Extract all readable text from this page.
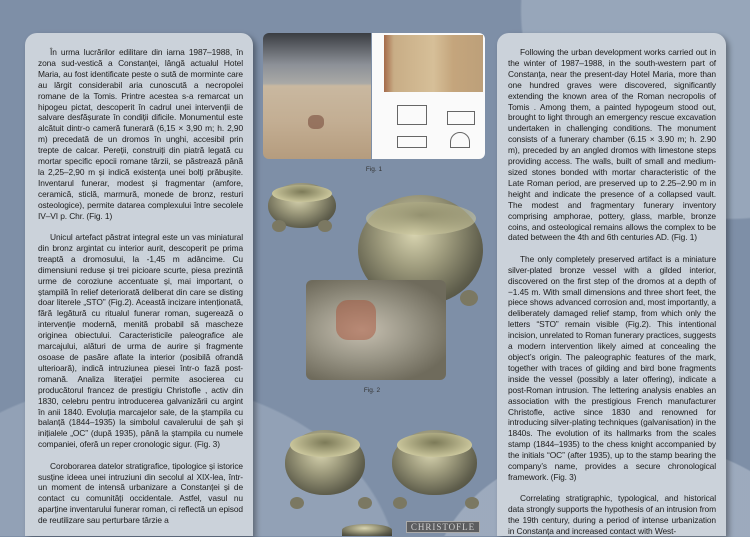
În urma lucrărilor edilitare din iarna 1987–1988, în zona sud-vestică a Constanței, lângă actualul Hotel Maria, au fost identificate peste o sută de morminte care au lărgit considerabil aria cunoscută a necropolei romane de la Tomis. Printre acestea s-a remarcat un hipogeu pictat, descoperit în cadrul unei intervenții de salvare desfășurate în condiții dificile. Monumentul este alcătuit dintr-o cameră funerară (6,15 × 3,90 m; h. 2,90 m) precedată de un dromos în unghi, accesibil prin trepte de calcar. Pereții, construiți din piatră legată cu mortar specific epocii romane târzii, se păstrează până la 2,25–2,90 m și indică existența unei bolți prăbușite. Inventarul funerar, modest și fragmentar (amfore, ceramică, sticlă, marmură, monede de bronz, resturi osteologice), permite datarea complexului între secolele IV–VI p. Chr. (Fig. 1)

Unicul artefact păstrat integral este un vas miniatural din bronz argintat cu interior aurit, descoperit pe prima treaptă a dromosului, la -1,45 m adâncime. Cu dimensiuni reduse și trei picioare scurte, piesa prezintă urme de coroziune accentuate și, mai important, o ștampilă în relief deteriorată deliberat din care se disting doar literele „STO” (Fig.2). Această incizare intenționată, fără legătură cu ritualul funerar roman, sugerează o intervenție modernă, menită probabil să mascheze originea obiectului. Caracteristicile paleografice ale marcajului, alături de urma de aurire și fragmente osoase de pasăre aflate la interior (posibilă ofrandă ulterioară), indică intruziunea piesei într-o fază post-romană. Analiza literației permite asocierea cu producătorul francez de prestigiu Christofle , activ din 1830, celebru pentru introducerea galvanizării cu argint în anii 1840. Evoluția marcajelor sale, de la ștampila cu balanță (1844–1935) la simbolul cavalerului de șah și inițialele „OC” (după 1935), până la ștampila cu numele companiei, oferă un reper cronologic sigur. (Fig. 3)

Coroborarea datelor stratigrafice, tipologice și istorice susține ideea unei intruziuni din secolul al XIX-lea, într-un moment de intensă urbanizare a Constanței și de contact cu comunități occidentale. Astfel, vasul nu aparține inventarului funerar roman, ci reflectă un episod de reutilizare sau perturbare târzie a

Following the urban development works carried out in the winter of 1987–1988, in the south-western part of Constanța, near the present-day Hotel Maria, more than one hundred graves were discovered, significantly extending the known area of the Roman necropolis of Tomis . Among them, a painted hypogeum stood out, brought to light through an emergency rescue excavation undertaken in challenging conditions. The monument consists of a funerary chamber (6.15 × 3.90 m; h. 2.90 m), preceded by an angled dromos with limestone steps providing access. The walls, built of small and medium-sized stones bonded with mortar characteristic of the Late Roman period, are preserved up to 2.25–2.90 m in height and indicate the presence of a collapsed vault. The modest and fragmentary funerary inventory comprising amphorae, pottery, glass, marble, bronze coins, and osteological remains allows the complex to be dated between the 4th and 6th centuries AD. (Fig. 1)

The only completely preserved artifact is a miniature silver-plated bronze vessel with a gilded interior, discovered on the first step of the dromos at a depth of −1.45 m. With small dimensions and three short feet, the piece shows advanced corrosion and, most importantly, a deliberately damaged relief stamp, from which only the letters “STO” remain visible (Fig.2). This intentional incision, unrelated to Roman funerary practices, suggests a modern intervention likely aimed at concealing the object’s origin. The paleographic features of the mark, together with traces of gilding and bird bone fragments inside the vessel (possibly a later offering), indicate a post-Roman intrusion. The lettering analysis enables an association with the prestigious French manufacturer Christofle, active since 1830 and renowned for introducing silver-plating techniques (galvanisation) in the 1840s. The evolution of its hallmarks from the scales stamp (1844–1935) to the chess knight accompanied by the initials “OC” (after 1935), up to the stamp bearing the company’s name, provides a secure chronological framework. (Fig. 3)

Correlating stratigraphic, typological, and historical data strongly supports the hypothesis of an intrusion from the 19th century, during a period of intense urbanization in Constanța and increased contact with West-

Fig. 1
Fig. 2
CHRISTOFLE
